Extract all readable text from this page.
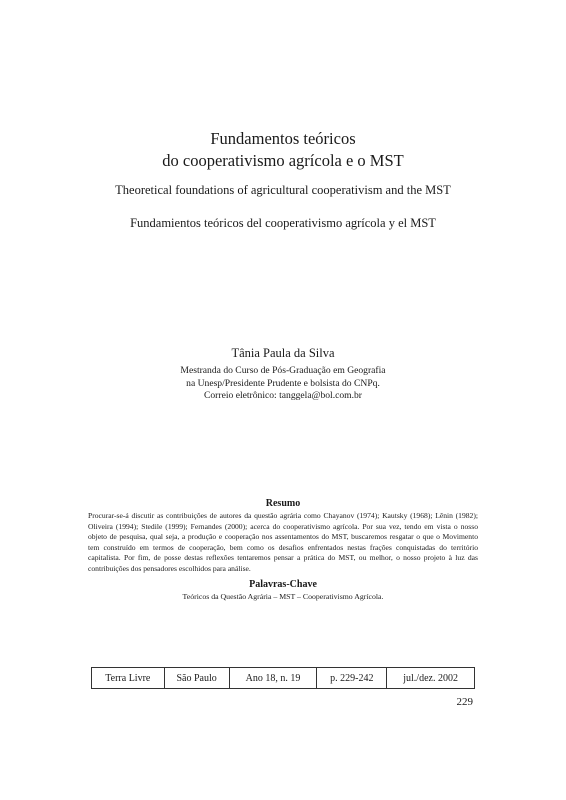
Fundamentos teóricos
do cooperativismo agrícola e o MST
Theoretical foundations of agricultural cooperativism and the MST
Fundamientos teóricos del cooperativismo agrícola y el MST
Tânia Paula da Silva
Mestranda do Curso de Pós-Graduação em Geografia
na Unesp/Presidente Prudente e bolsista do CNPq.
Correio eletrônico: tanggela@bol.com.br
Resumo

Procurar-se-á discutir as contribuições de autores da questão agrária como Chayanov (1974); Kautsky (1968); Lênin (1982); Oliveira (1994); Stedile (1999); Fernandes (2000); acerca do cooperativismo agrícola. Por sua vez, tendo em vista o nosso objeto de pesquisa, qual seja, a produção e cooperação nos assentamentos do MST, buscaremos resgatar o que o Movimento tem construído em termos de cooperação, bem como os desafios enfrentados nestas frações conquistadas do território capitalista. Por fim, de posse destas reflexões tentaremos pensar a prática do MST, ou melhor, o nosso projeto à luz das contribuições dos pensadores escolhidos para análise.

Palavras-Chave
Teóricos da Questão Agrária – MST – Cooperativismo Agrícola.
Terra Livre	São Paulo	Ano 18, n. 19	p. 229-242	jul./dez. 2002
229
